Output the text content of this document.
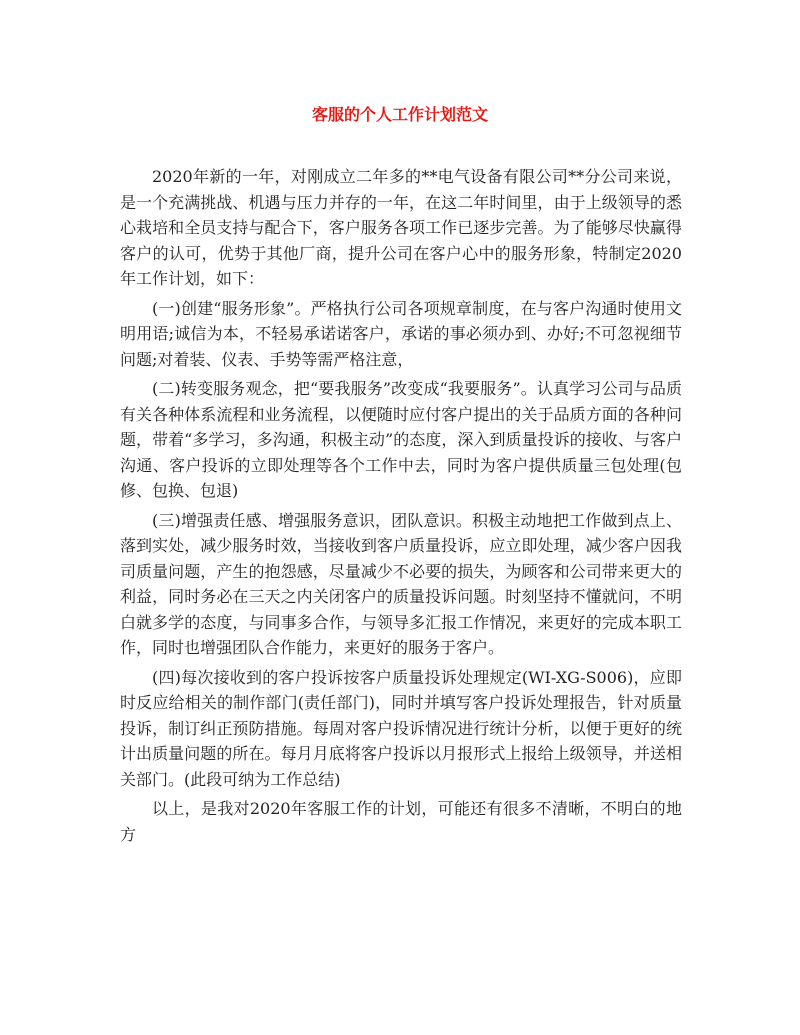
客服的个人工作计划范文

2020年新的一年，对刚成立二年多的**电气设备有限公司**分公司来说，是一个充满挑战、机遇与压力并存的一年，在这二年时间里，由于上级领导的悉心栽培和全员支持与配合下，客户服务各项工作已逐步完善。为了能够尽快赢得客户的认可，优势于其他厂商，提升公司在客户心中的服务形象，特制定2020年工作计划，如下：

(一)创建“服务形象”。严格执行公司各项规章制度，在与客户沟通时使用文明用语;诚信为本，不轻易承诺诺客户，承诺的事必须办到、办好;不可忽视细节问题;对着装、仪表、手势等需严格注意，

(二)转变服务观念，把“要我服务”改变成“我要服务”。认真学习公司与品质有关各种体系流程和业务流程，以便随时应付客户提出的关于品质方面的各种问题，带着“多学习，多沟通，积极主动”的态度，深入到质量投诉的接收、与客户沟通、客户投诉的立即处理等各个工作中去，同时为客户提供质量三包处理(包修、包换、包退)

(三)增强责任感、增强服务意识，团队意识。积极主动地把工作做到点上、落到实处，减少服务时效，当接收到客户质量投诉，应立即处理，减少客户因我司质量问题，产生的抱怨感，尽量减少不必要的损失，为顾客和公司带来更大的利益，同时务必在三天之内关闭客户的质量投诉问题。时刻坚持不懂就问，不明白就多学的态度，与同事多合作，与领导多汇报工作情况，来更好的完成本职工作，同时也增强团队合作能力，来更好的服务于客户。

(四)每次接收到的客户投诉按客户质量投诉处理规定(WI-XG-S006)，应即时反应给相关的制作部门(责任部门)，同时并填写客户投诉处理报告，针对质量投诉，制订纠正预防措施。每周对客户投诉情况进行统计分析，以便于更好的统计出质量问题的所在。每月月底将客户投诉以月报形式上报给上级领导，并送相关部门。(此段可纳为工作总结)

以上，是我对2020年客服工作的计划，可能还有很多不清晰，不明白的地方
